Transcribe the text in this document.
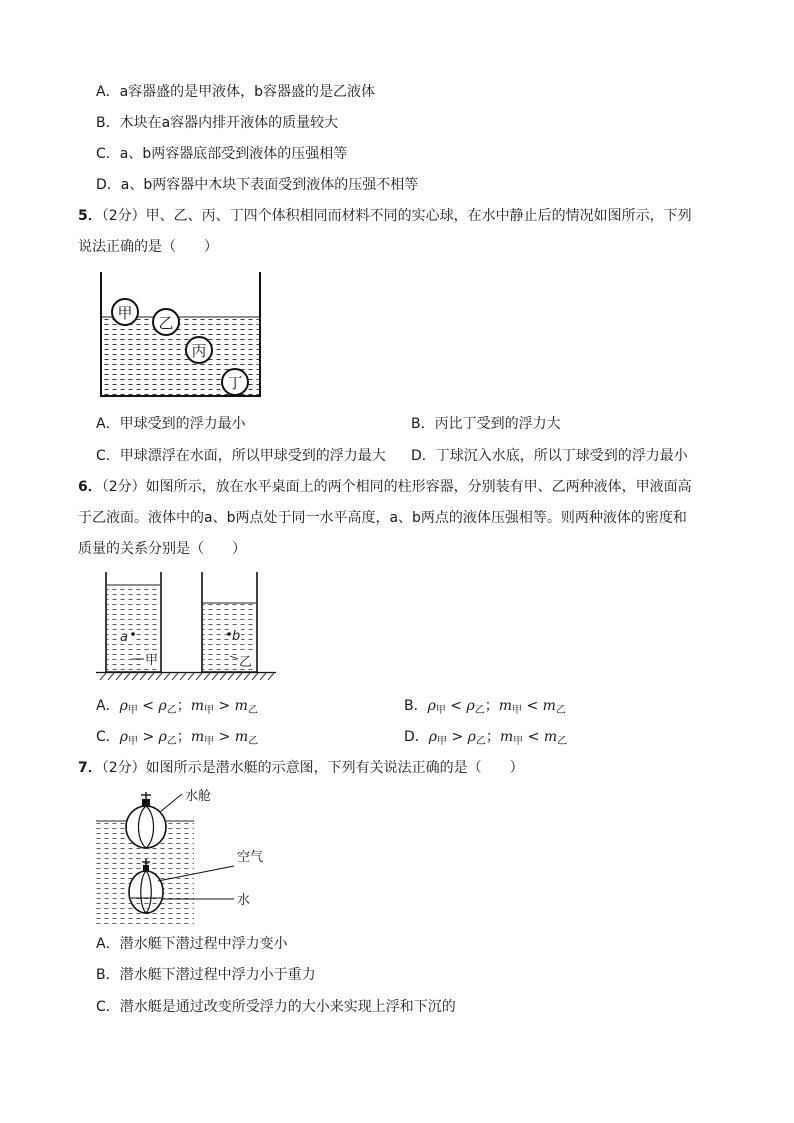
A．a容器盛的是甲液体，b容器盛的是乙液体
B．木块在a容器内排开液体的质量较大
C．a、b两容器底部受到液体的压强相等
D．a、b两容器中木块下表面受到液体的压强不相等
5．（2分）甲、乙、丙、丁四个体积相同而材料不同的实心球，在水中静止后的情况如图所示，下列
说法正确的是（　　）
甲
乙
丙
丁
A．甲球受到的浮力最小	B．丙比丁受到的浮力大
C．甲球漂浮在水面，所以甲球受到的浮力最大 D．丁球沉入水底，所以丁球受到的浮力最小
6．（2分）如图所示，放在水平桌面上的两个相同的柱形容器，分别装有甲、乙两种液体，甲液面高
于乙液面。液体中的a、b两点处于同一水平高度，a、b两点的液体压强相等。则两种液体的密度和
质量的关系分别是（　　）
a	b
甲	乙
A．$\rho_甲 < \rho_乙$；$m_甲 > m_乙$	B．$\rho_甲 < \rho_乙$；$m_甲 < m_乙$
C．$\rho_甲 > \rho_乙$；$m_甲 > m_乙$	D．$\rho_甲 > \rho_乙$；$m_甲 < m_乙$
7．（2分）如图所示是潜水艇的示意图，下列有关说法正确的是（　　）
水舱
空气
水
A．潜水艇下潜过程中浮力变小
B．潜水艇下潜过程中浮力小于重力
C．潜水艇是通过改变所受浮力的大小来实现上浮和下沉的
